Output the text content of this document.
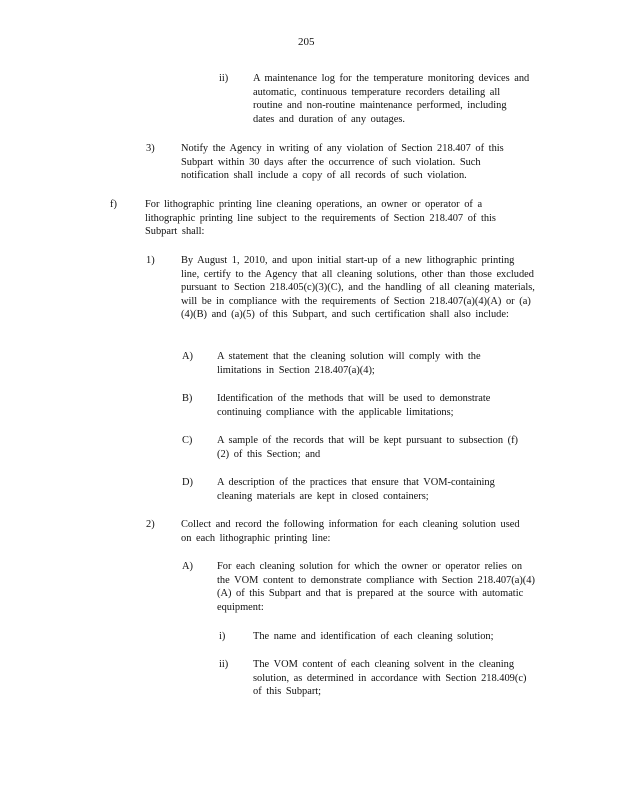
205
ii) A maintenance log for the temperature monitoring devices and automatic, continuous temperature recorders detailing all routine and non-routine maintenance performed, including dates and duration of any outages.
3)	Notify the Agency in writing of any violation of Section 218.407 of this Subpart within 30 days after the occurrence of such violation. Such notification shall include a copy of all records of such violation.
f)	For lithographic printing line cleaning operations, an owner or operator of a lithographic printing line subject to the requirements of Section 218.407 of this Subpart shall:
1)	By August 1, 2010, and upon initial start-up of a new lithographic printing line, certify to the Agency that all cleaning solutions, other than those excluded pursuant to Section 218.405(c)(3)(C), and the handling of all cleaning materials, will be in compliance with the requirements of Section 218.407(a)(4)(A) or (a)(4)(B) and (a)(5) of this Subpart, and such certification shall also include:
A) A statement that the cleaning solution will comply with the limitations in Section 218.407(a)(4);
B) Identification of the methods that will be used to demonstrate continuing compliance with the applicable limitations;
C) A sample of the records that will be kept pursuant to subsection (f)(2) of this Section; and
D) A description of the practices that ensure that VOM-containing cleaning materials are kept in closed containers;
2)	Collect and record the following information for each cleaning solution used on each lithographic printing line:
A) For each cleaning solution for which the owner or operator relies on the VOM content to demonstrate compliance with Section 218.407(a)(4)(A) of this Subpart and that is prepared at the source with automatic equipment:
i)	The name and identification of each cleaning solution;
ii) The VOM content of each cleaning solvent in the cleaning solution, as determined in accordance with Section 218.409(c) of this Subpart;
